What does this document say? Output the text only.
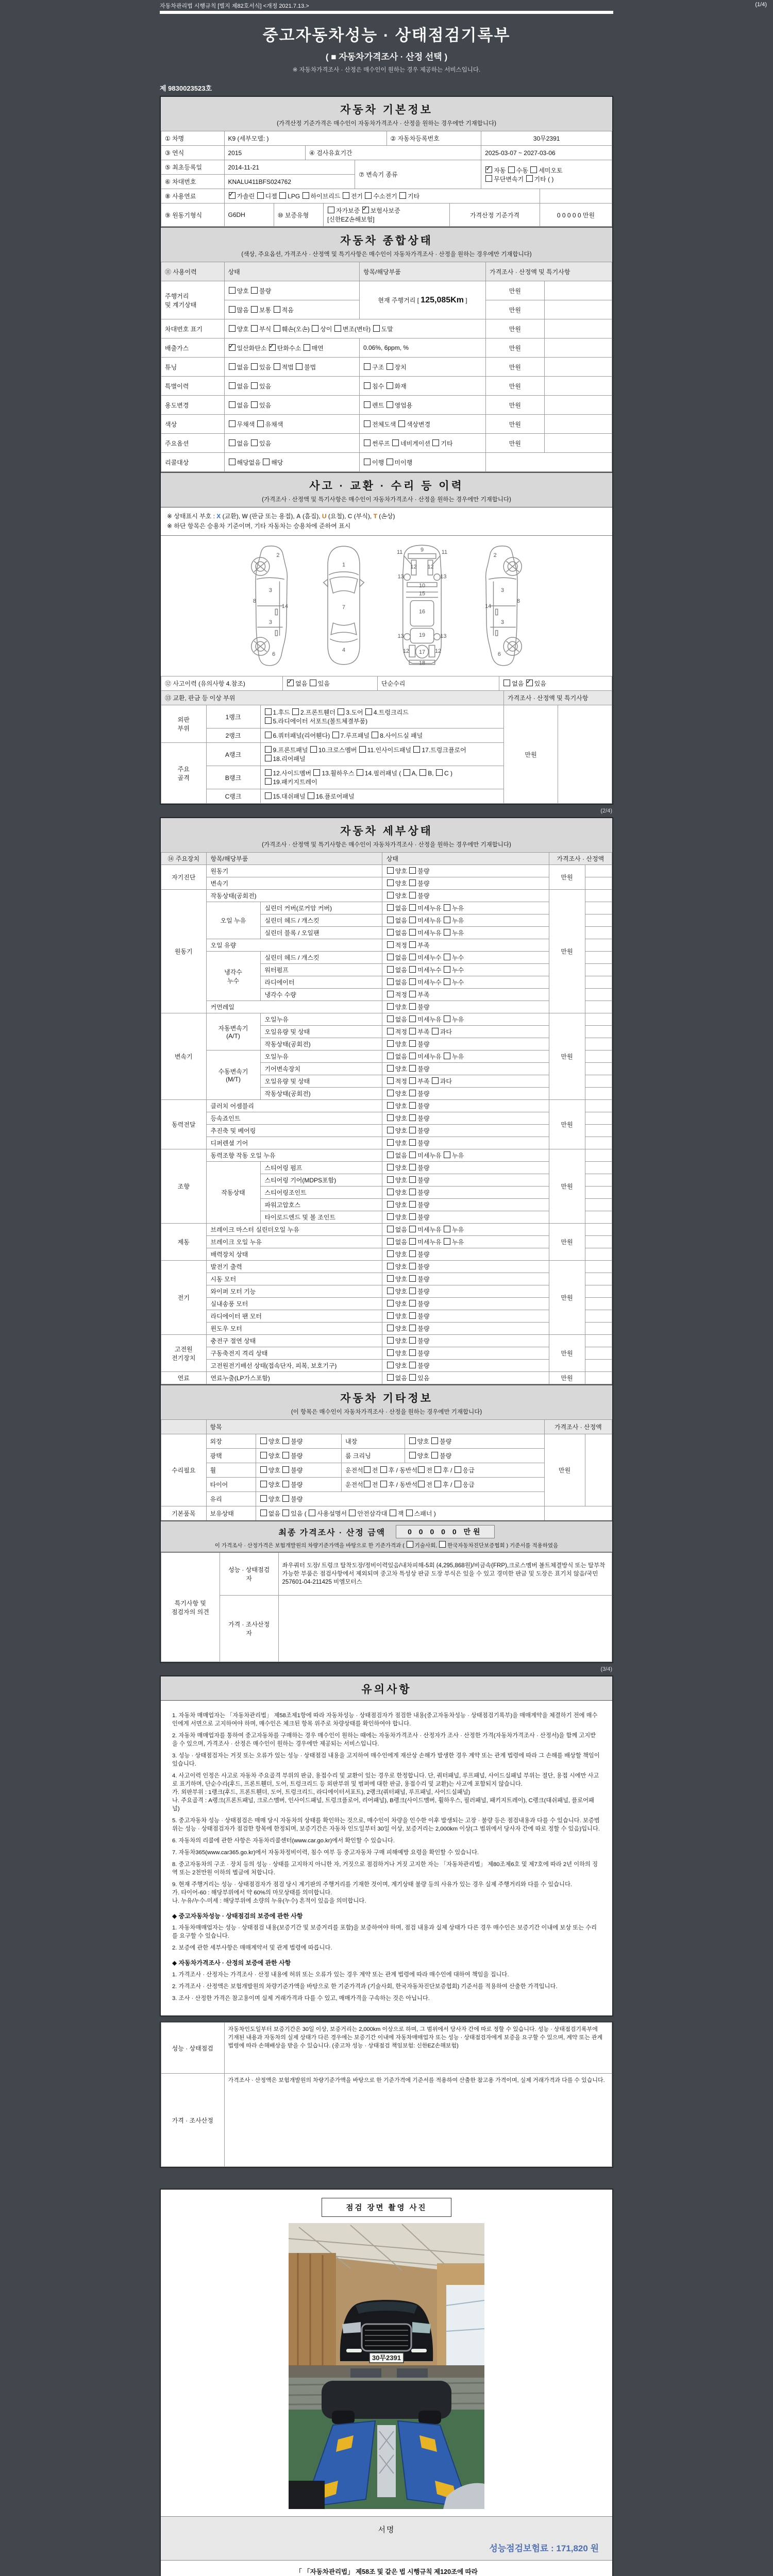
자동차관리법 시행규칙 [별지 제82호서식] <개정 2021.7.13.>	(1/4)
중고자동차성능 · 상태점검기록부
( ■ 자동차가격조사 · 산정 선택 )
※ 자동차가격조사 · 산정은 매수인이 원하는 경우 제공하는 서비스입니다.
제 9830023523호
자동차 기본정보
(가격산정 기준가격은 매수인이 자동차가격조사 · 산정을 원하는 경우에만 기재합니다)
① 차명	K9 (세부모델: )		② 자동차등록번호	30무2391
③ 연식	2015	④ 검사유효기간		2025-03-07 ~ 2027-03-06
⑤ 최초등록일	2014-11-21	⑦ 변속기 종류	✓자동 수동 세미오토
무단변속기 기타 ( )
⑥ 차대번호	KNALU411BFS024762		
⑧ 사용연료	✓가솔린 디젤 LPG 하이브리드 전기 수소전기 기타	
⑨ 원동기형식	G6DH	⑩ 보증유형	자가보증 ✓보험사보증 [신한EZ손해보험]	가격산정 기준가격	0 0 0 0 0 만원
자동차 종합상태
(색상, 주요옵션, 가격조사 · 산정액 및 특기사항은 매수인이 자동차가격조사 · 산정을 원하는 경우에만 기재합니다)
⑪ 사용이력	상태	항목/해당부품	가격조사 · 산정액 및 특기사항	
주행거리
및 계기상태	양호 불량	현재 주행거리 [ 125,085Km ]	만원	
	많음 보통 적음		만원	
차대번호 표기	양호 부식 훼손(오손) 상이 변조(변타) 도말		만원	
배출가스	✓일산화탄소 ✓탄화수소 매연	0.06%, 6ppm, %	만원	
튜닝	없음 있음 적법 불법	구조 장치	만원	
특별이력	없음 있음	침수 화재	만원	
용도변경	없음 있음	렌트 영업용	만원	
색상	무채색 유채색	전체도색 색상변경	만원	
주요옵션	없음 있음	썬루프 네비게이션 기타	만원	
리콜대상	해당없음 해당	이행 미이행		
사고 · 교환 · 수리 등 이력
(가격조사 · 산정액 및 특기사항은 매수인이 자동차가격조사 · 산정을 원하는 경우에만 기재합니다)
※ 상태표시 부호 : X (교환), W (판금 또는 용접), A (흠집), U (요철), C (부식), T (손상)
※ 하단 항목은 승용차 기준이며, 기타 자동차는 승용차에 준하여 표시
2
8
3
3
14
6
1
7
4
11	9	11
12 12
13	13
10
15
16
13	19	13
12 17 12
18
2
8
3
3
14
6
⑫ 사고이력 (유의사항 4.참조)	✓없음 있음	단순수리	없음 ✓있음
⑬ 교환, 판금 등 이상 부위			가격조사 · 산정액 및 특기사항	
외판
부위	1랭크	1.후드 2.프론트휀더 3.도어 4.트렁크리드
5.라디에이터 서포트(볼트체결부품)	만원	
	2랭크	6.쿼터패널(리어휀다) 7.루프패널 8.사이드실 패널		
주요
골격	A랭크	9.프론트패널 10.크로스멤버 11.인사이드패널 17.트렁크플로어
18.리어패널		
	B랭크	12.사이드멤버 13.휠하우스 14.필러패널 ( A, B, C )
19.패키지트레이		
	C랭크	15.대쉬패널 16.플로어패널		
(2/4)
자동차 세부상태
(가격조사 · 산정액 및 특기사항은 매수인이 자동차가격조사 · 산정을 원하는 경우에만 기재합니다)
⑭ 주요장치	항목/해당부품		상태	가격조사 · 산정액	
자기진단	원동기		양호 불량	만원	
	변속기		양호 불량		
원동기	작동상태(공회전)		양호 불량	만원	
	오일 누유	실린더 커버(로커암 커버)	없음 미세누유 누유		
		실린더 헤드 / 개스킷	없음 미세누유 누유		
		실린더 블록 / 오일팬	없음 미세누유 누유		
	오일 유량		적정 부족		
	냉각수
누수	실린더 헤드 / 개스킷	없음 미세누수 누수		
		워터펌프	없음 미세누수 누수		
		라디에이터	없음 미세누수 누수		
		냉각수 수량	적정 부족		
	커먼레일		양호 불량		
변속기	자동변속기
(A/T)	오일누유	없음 미세누유 누유	만원	
		오일유량 및 상태	적정 부족 과다		
		작동상태(공회전)	양호 불량		
	수동변속기
(M/T)	오일누유	없음 미세누유 누유		
		기어변속장치	양호 불량		
		오일유량 및 상태	적정 부족 과다		
		작동상태(공회전)	양호 불량		
동력전달	클러치 어셈블리		양호 불량	만원	
	등속죠인트		양호 불량		
	추진축 및 베어링		양호 불량		
	디퍼렌셜 기어		양호 불량		
조향	동력조향 작동 오일 누유		없음 미세누유 누유	만원	
	작동상태	스티어링 펌프	양호 불량		
		스티어링 기어(MDPS포함)	양호 불량		
		스티어링조인트	양호 불량		
		파워고압호스	양호 불량		
		타이로드엔드 및 볼 조인트	양호 불량		
제동	브레이크 마스터 실린더오일 누유		없음 미세누유 누유	만원	
	브레이크 오일 누유		없음 미세누유 누유		
	배력장치 상태		양호 불량		
전기	발전기 출력		양호 불량	만원	
	시동 모터		양호 불량		
	와이퍼 모터 기능		양호 불량		
	실내송풍 모터		양호 불량		
	라디에이터 팬 모터		양호 불량		
	윈도우 모터		양호 불량		
고전원
전기장치	충전구 절연 상태		양호 불량	만원	
	구동축전지 격리 상태		양호 불량		
	고전원전기배선 상태(접속단자, 피복, 보호기구)		양호 불량		
연료	연료누출(LP가스포함)		없음 있음	만원	
자동차 기타정보
(이 항목은 매수인이 자동차가격조사 · 산정을 원하는 경우에만 기재합니다)
	항목				가격조사 · 산정액	
수리필요	외장	양호 불량	내장	양호 불량	만원	
	광택	양호 불량	룸 크리닝	양호 불량		
	휠	양호 불량	운전석 전 후 / 동반석 전 후 / 응급			
	타이어	양호 불량	운전석 전 후 / 동반석 전 후 / 응급			
	유리	양호 불량				
기본품목	보유상태	없음 있음 ( 사용설명서 안전삼각대 잭 스패너 )				
최종 가격조사 · 산정 금액	0 0 0 0 0 만원
이 가격조사 · 산정가격은 보험개발원의 차량기준가액을 바탕으로 한 기준가격과 ( 기술사회, 한국자동차진단보증협회 ) 기준서를 적용하였음
특기사항 및
점검자의 의견	성능 · 상태점검
자	좌우쿼터 도장/ 트렁크 탈착도장/정비이력있음/내차피해-5회 (4,295,868원)/비금속(FRP),크로스멤버 볼트체결방식 또는 탈부착 가능한 부품은 점검사항에서 제외되며 중고차 특성상 판금 도장 부식은 있을 수 있고 경미한 판금 및 도장은 표기치 않음/국민 257601-04-211425 비엠모터스
	가격 · 조사산정
자	
(3/4)
유의사항

1. 자동차 매매업자는 「자동차관리법」 제58조제1항에 따라 자동차성능 · 상태점검자가 점검한 내용(중고자동차성능 · 상태점검기록부)을 매매계약을 체결하기 전에 매수인에게 서면으로 고지하여야 하며, 매수인은 체크된 항목 위주로 차량상태를 확인하여야 합니다.

2. 자동차 매매업자를 통하여 중고자동차를 구매하는 경우 매수인이 원하는 때에는 자동차가격조사 · 산정자가 조사 · 산정한 가격(자동차가격조사 · 산정서)을 함께 고지받을 수 있으며, 가격조사 · 산정은 매수인이 원하는 경우에만 제공되는 서비스입니다.

3. 성능 · 상태점검자는 거짓 또는 오류가 있는 성능 · 상태점검 내용을 고지하여 매수인에게 재산상 손해가 발생한 경우 계약 또는 관계 법령에 따라 그 손해를 배상할 책임이 있습니다.

4. 사고이력 인정은 사고로 자동차 주요골격 부위의 판금, 용접수리 및 교환이 있는 경우로 한정합니다. 단, 쿼터패널, 루프패널, 사이드실패널 부위는 절단, 용접 시에만 사고로 표기하며, 단순수리(후드, 프론트휀더, 도어, 트렁크리드 등 외판부위 및 범퍼에 대한 판금, 용접수리 및 교환)는 사고에 포함되지 않습니다.
가. 외판부위 : 1랭크(후드, 프론트휀더, 도어, 트렁크리드, 라디에이터서포트), 2랭크(쿼터패널, 루프패널, 사이드실패널)
나. 주요골격 : A랭크(프론트패널, 크로스멤버, 인사이드패널, 트렁크플로어, 리어패널), B랭크(사이드멤버, 휠하우스, 필러패널, 패키지트레이), C랭크(대쉬패널, 플로어패널)

5. 중고자동차 성능 · 상태점검은 매매 당시 자동차의 상태를 확인하는 것으로, 매수인이 차량을 인수한 이후 발생되는 고장 · 불량 등은 점검내용과 다를 수 있습니다. 보증범위는 성능 · 상태점검자가 점검한 항목에 한정되며, 보증기간은 자동차 인도일부터 30일 이상, 보증거리는 2,000km 이상(그 범위에서 당사자 간에 따로 정할 수 있음)입니다.

6. 자동차의 리콜에 관한 사항은 자동차리콜센터(www.car.go.kr)에서 확인할 수 있습니다.

7. 자동차365(www.car365.go.kr)에서 자동차정비이력, 침수 여부 등 중고자동차 구매 피해예방 요령을 확인할 수 있습니다.

8. 중고자동차의 구조 · 장치 등의 성능 · 상태를 고지하지 아니한 자, 거짓으로 점검하거나 거짓 고지한 자는 「자동차관리법」 제80조제6호 및 제7호에 따라 2년 이하의 징역 또는 2천만원 이하의 벌금에 처합니다.

9. 현재 주행거리는 성능 · 상태점검자가 점검 당시 계기판의 주행거리를 기재한 것이며, 계기상태 불량 등의 사유가 있는 경우 실제 주행거리와 다를 수 있습니다.
가. 타이어-60 : 해당부위에서 약 60%의 마모상태를 의미합니다.
나. 누유/누수-미세 : 해당부위에 소량의 누유(누수) 흔적이 있음을 의미합니다.

◆ 중고자동차성능 · 상태점검의 보증에 관한 사항

1. 자동차매매업자는 성능 · 상태점검 내용(보증기간 및 보증거리를 포함)을 보증하여야 하며, 점검 내용과 실제 상태가 다른 경우 매수인은 보증기간 이내에 보상 또는 수리를 요구할 수 있습니다.

2. 보증에 관한 세부사항은 매매계약서 및 관계 법령에 따릅니다.

◆ 자동차가격조사 · 산정의 보증에 관한 사항

1. 가격조사 · 산정자는 가격조사 · 산정 내용에 허위 또는 오류가 있는 경우 계약 또는 관계 법령에 따라 매수인에 대하여 책임을 집니다.

2. 가격조사 · 산정액은 보험개발원의 차량기준가액을 바탕으로 한 기준가격과 (기술사회, 한국자동차진단보증협회) 기준서를 적용하여 산출한 가격입니다.

3. 조사 · 산정한 가격은 참고용이며 실제 거래가격과 다를 수 있고, 매매가격을 구속하는 것은 아닙니다.

성능 · 상태점검	자동차인도일부터 보증기간은 30일 이상, 보증거리는 2,000km 이상으로 하며, 그 범위에서 당사자 간에 따로 정할 수 있습니다. 성능 · 상태점검기록부에 기재된 내용과 자동차의 실제 상태가 다른 경우에는 보증기간 이내에 자동차매매업자 또는 성능 · 상태점검자에게 보증을 요구할 수 있으며, 계약 또는 관계 법령에 따라 손해배상을 받을 수 있습니다. (중고차 성능 · 상태점검 책임보험: 신한EZ손해보험)
가격 · 조사산정	가격조사 · 산정액은 보험개발원의 차량기준가액을 바탕으로 한 기준가격에 기준서를 적용하여 산출한 참고용 가격이며, 실제 거래가격과 다를 수 있습니다.
점검 장면 촬영 사진
30무2391

서명
성능점검보험료 : 171,820 원
「 「자동차관리법」 제58조 및 같은 법 시행규칙 제120조에 따라
